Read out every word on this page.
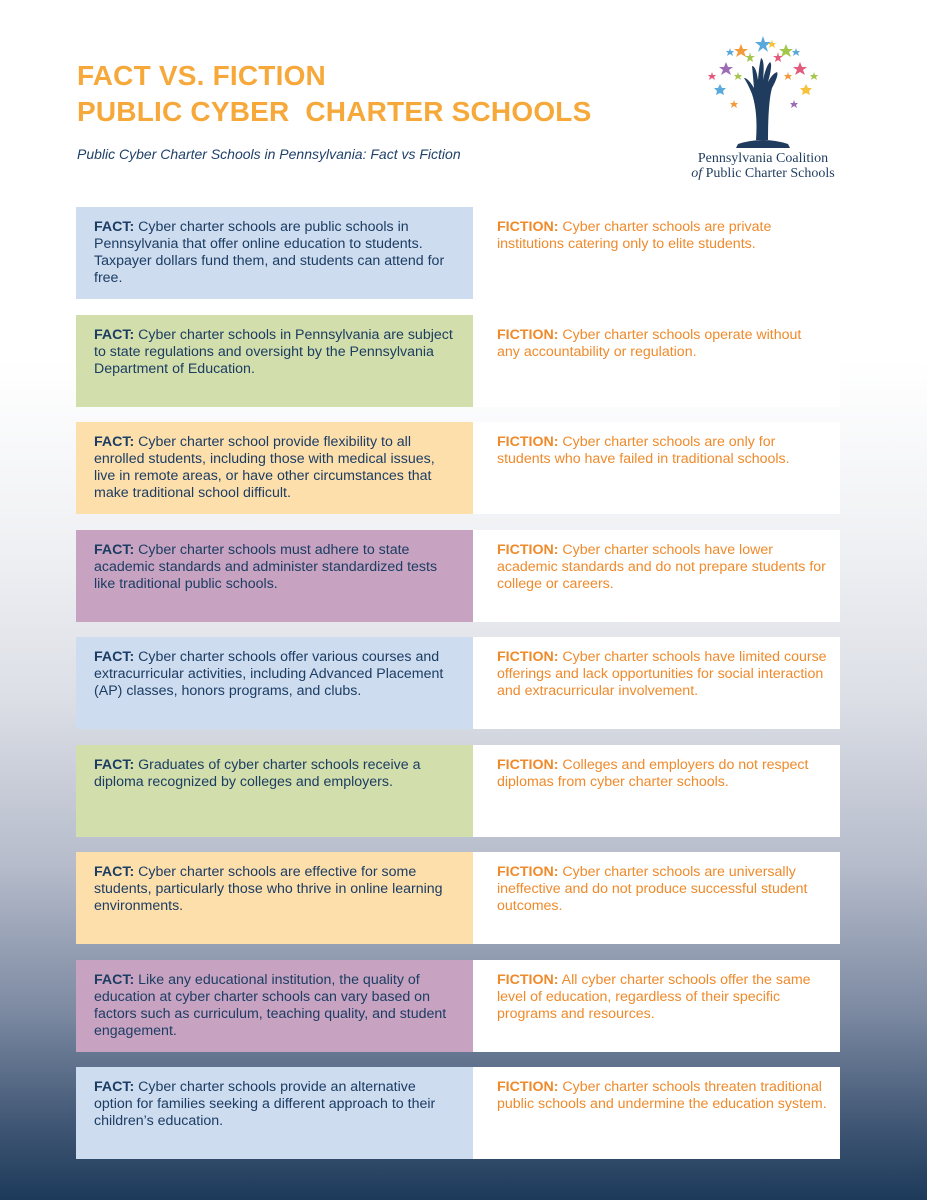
FACT VS. FICTION
PUBLIC CYBER  CHARTER SCHOOLS
Public Cyber Charter Schools in Pennsylvania: Fact vs Fiction	Pennsylvania Coalition
of Public Charter Schools
FACT: Cyber charter schools are public schools in Pennsylvania that offer online education to students. Taxpayer dollars fund them, and students can attend for free.
FICTION: Cyber charter schools are private institutions catering only to elite students.
FACT: Cyber charter schools in Pennsylvania are subject to state regulations and oversight by the Pennsylvania Department of Education.
FICTION: Cyber charter schools operate without any accountability or regulation.
FACT: Cyber charter school provide flexibility to all enrolled students, including those with medical issues, live in remote areas, or have other circumstances that make traditional school difficult.
FICTION: Cyber charter schools are only for students who have failed in traditional schools.
FACT: Cyber charter schools must adhere to state academic standards and administer standardized tests like traditional public schools.
FICTION: Cyber charter schools have lower academic standards and do not prepare students for college or careers.
FACT: Cyber charter schools offer various courses and extracurricular activities, including Advanced Placement (AP) classes, honors programs, and clubs.
FICTION: Cyber charter schools have limited course offerings and lack opportunities for social interaction and extracurricular involvement.
FACT: Graduates of cyber charter schools receive a diploma recognized by colleges and employers.
FICTION: Colleges and employers do not respect diplomas from cyber charter schools.
FACT: Cyber charter schools are effective for some students, particularly those who thrive in online learning environments.
FICTION: Cyber charter schools are universally ineffective and do not produce successful student outcomes.
FACT: Like any educational institution, the quality of education at cyber charter schools can vary based on factors such as curriculum, teaching quality, and student engagement.
FICTION: All cyber charter schools offer the same level of education, regardless of their specific programs and resources.
FACT: Cyber charter schools provide an alternative option for families seeking a different approach to their children’s education.
FICTION: Cyber charter schools threaten traditional public schools and undermine the education system.
